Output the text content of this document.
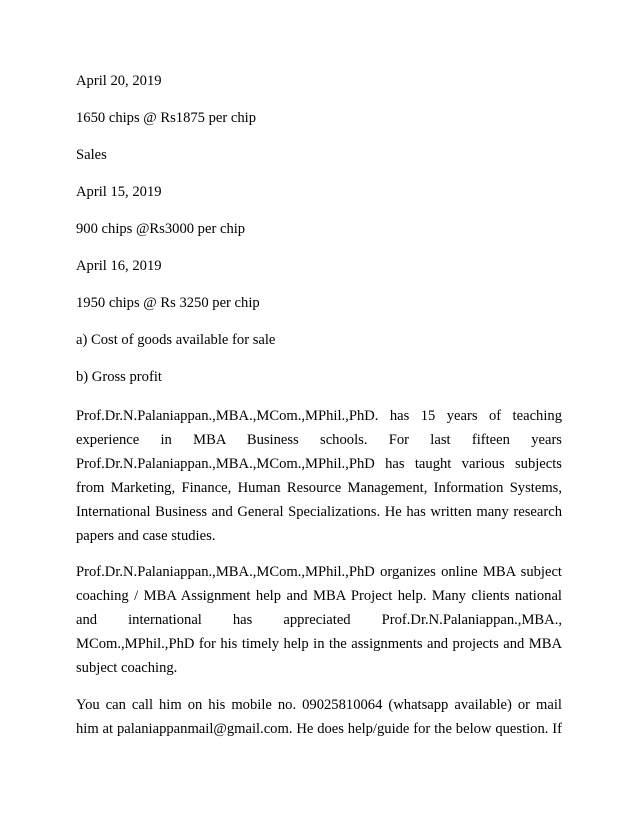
April 20, 2019
1650 chips @ Rs1875 per chip
Sales
April 15, 2019
900 chips @Rs3000 per chip
April 16, 2019
1950 chips @ Rs 3250 per chip
a) Cost of goods available for sale
b) Gross profit
Prof.Dr.N.Palaniappan.,MBA.,MCom.,MPhil.,PhD. has 15 years of teaching
experience in MBA Business schools. For last fifteen years
Prof.Dr.N.Palaniappan.,MBA.,MCom.,MPhil.,PhD has taught various subjects
from Marketing, Finance, Human Resource Management, Information Systems,
International Business and General Specializations. He has written many research
papers and case studies.
Prof.Dr.N.Palaniappan.,MBA.,MCom.,MPhil.,PhD organizes online MBA subject
coaching / MBA Assignment help and MBA Project help. Many clients national
and international has appreciated Prof.Dr.N.Palaniappan.,MBA.,
MCom.,MPhil.,PhD for his timely help in the assignments and projects and MBA
subject coaching.
You can call him on his mobile no. 09025810064 (whatsapp available) or mail
him at palaniappanmail@gmail.com. He does help/guide for the below question. If
